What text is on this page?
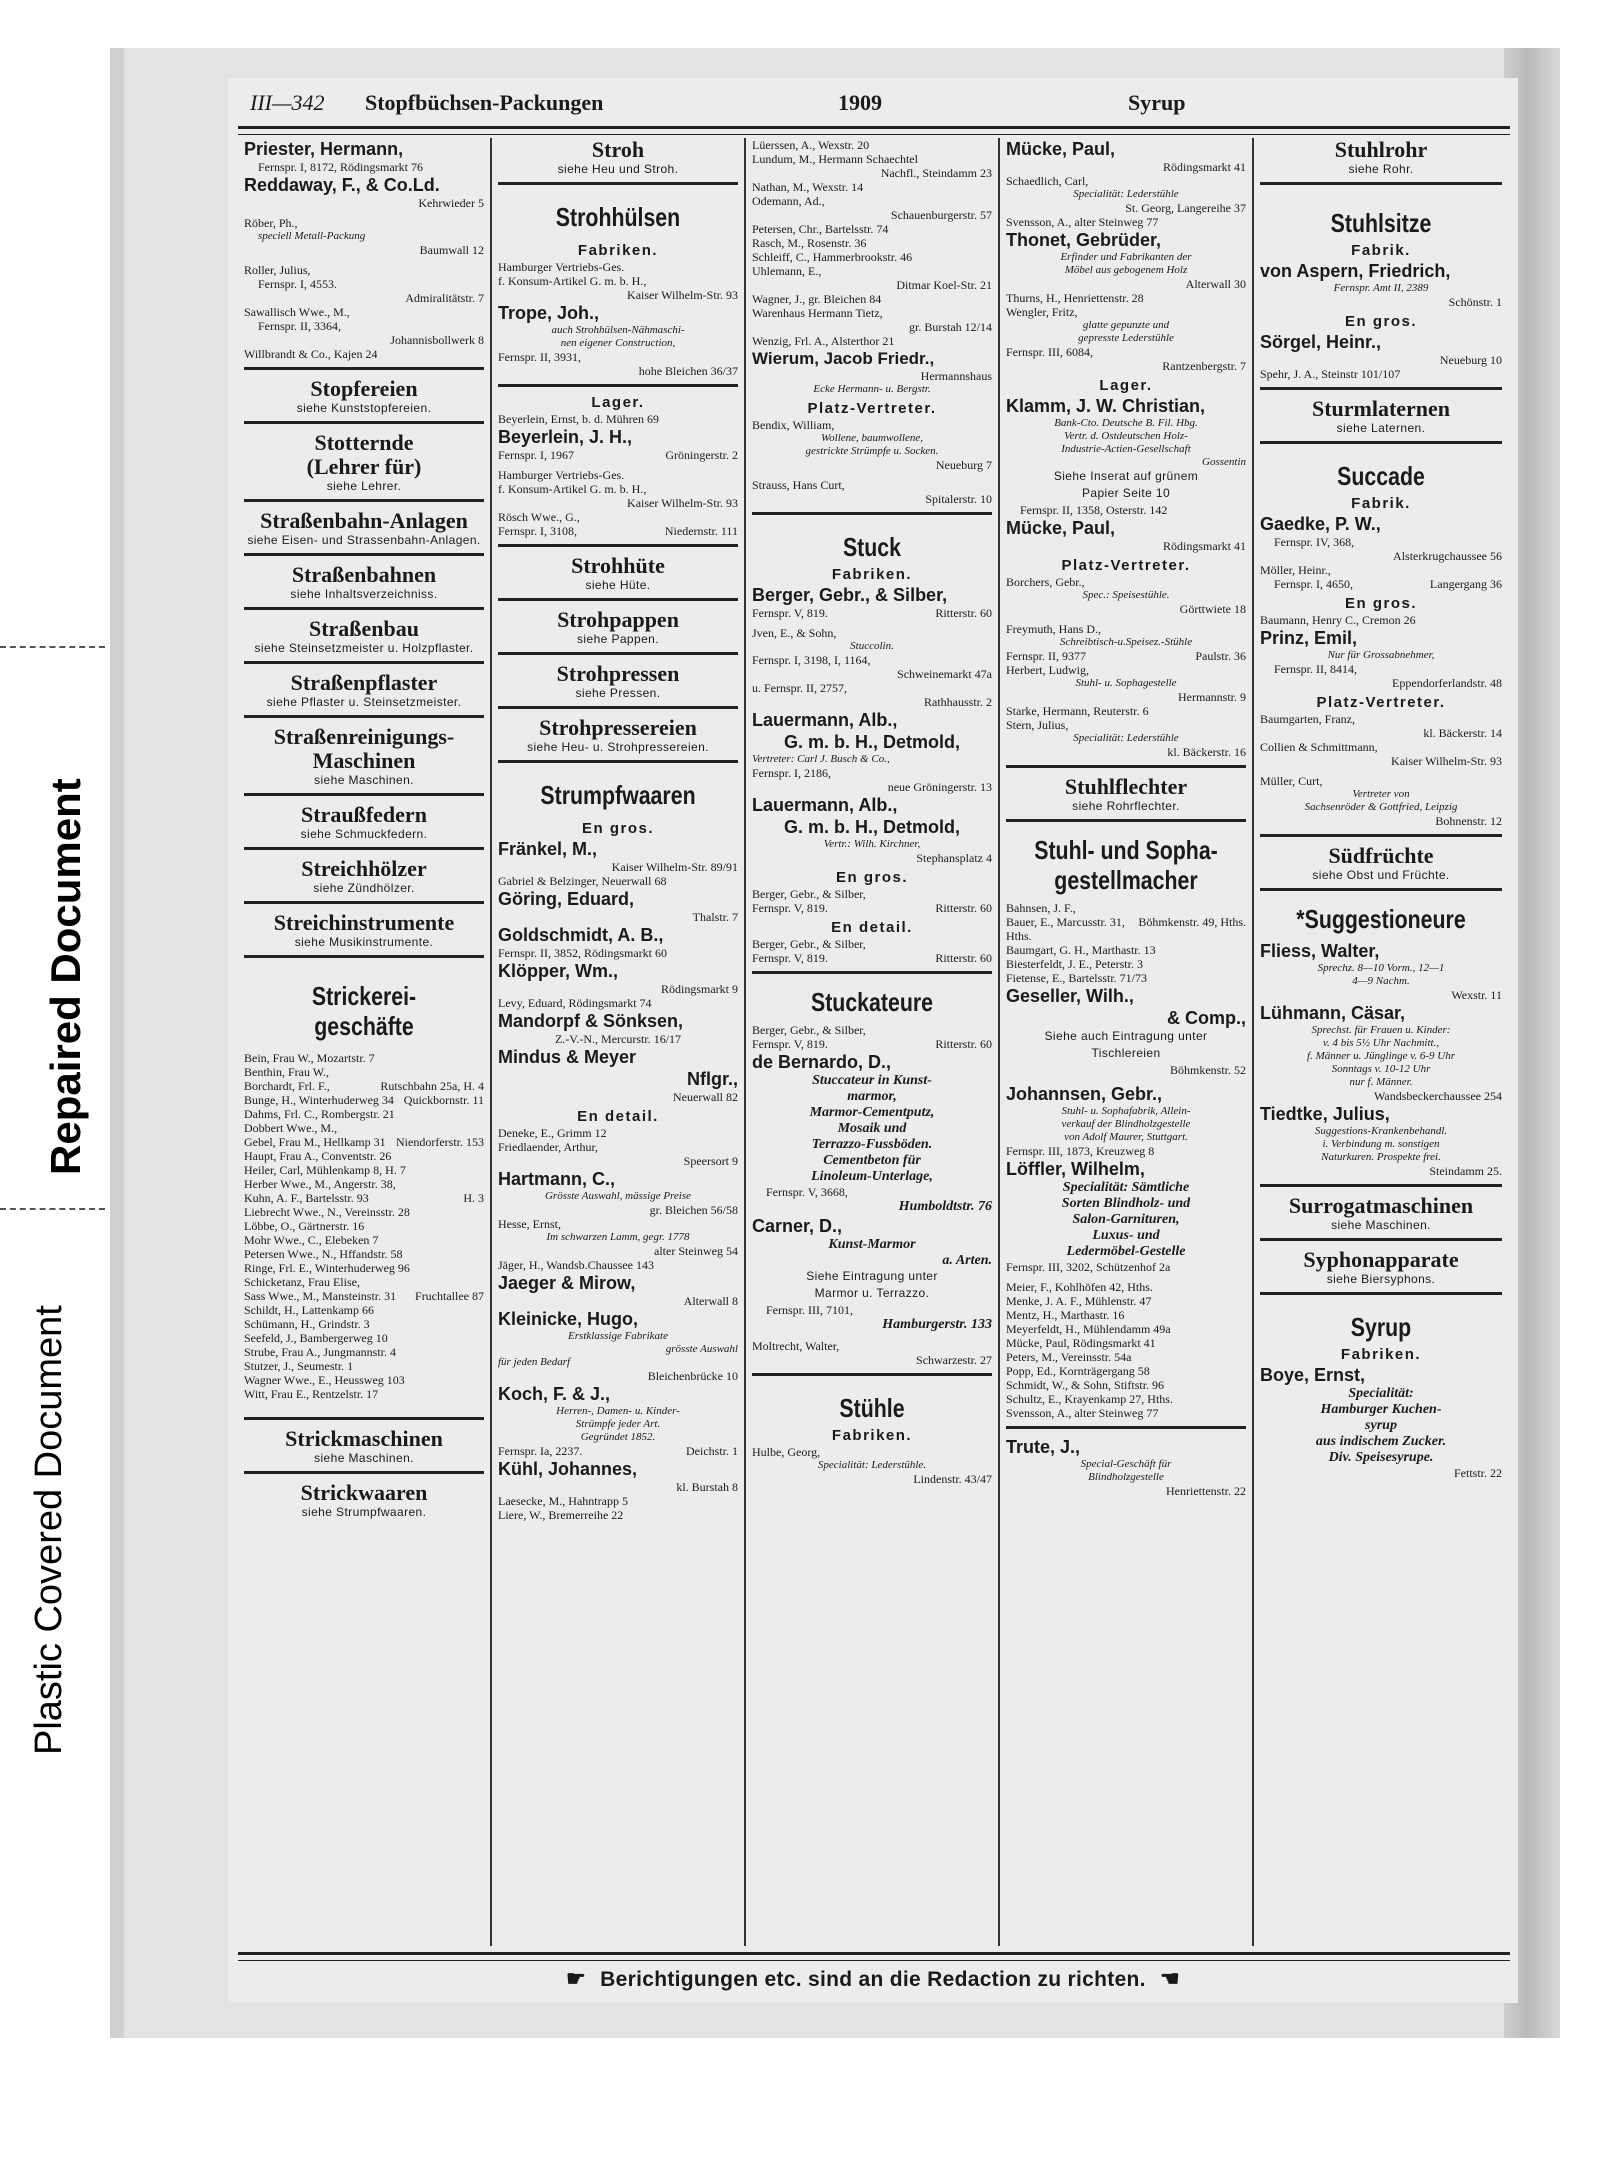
Repaired Document
Plastic Covered Document
III—342 Stopfbüchsen-Packungen	1909	Syrup
Priester, Hermann,
Fernspr. I, 8172, Rödingsmarkt 76
Reddaway, F., & Co.Ld.
Kehrwieder 5
Röber, Ph.,
speciell Metall-Packung
Baumwall 12
Roller, Julius,
Fernspr. I, 4553.
Admiralitätstr. 7
Sawallisch Wwe., M.,
Fernspr. II, 3364,
Johannisbollwerk 8
Willbrandt & Co., Kajen 24
Stopfereien
siehe Kunststopfereien.
Stotternde
(Lehrer für)
siehe Lehrer.
Straßenbahn-Anlagen
siehe Eisen- und Strassenbahn-Anlagen.
Straßenbahnen
siehe Inhaltsverzeichniss.
Straßenbau
siehe Steinsetzmeister u. Holzpflaster.
Straßenpflaster
siehe Pflaster u. Steinsetzmeister.
Straßenreinigungs-
Maschinen
siehe Maschinen.
Straußfedern
siehe Schmuckfedern.
Streichhölzer
siehe Zündhölzer.
Streichinstrumente
siehe Musikinstrumente.
Strickerei-
geschäfte
Bein, Frau W., Mozartstr. 7
Benthin, Frau W.,
Rutschbahn 25a, H. 4
Borchardt, Frl. F.,
Quickbornstr. 11
Bunge, H., Winterhuderweg 34
Dahms, Frl. C., Rombergstr. 21
Dobbert Wwe., M.,
Niendorferstr. 153
Gebel, Frau M., Hellkamp 31
Haupt, Frau A., Conventstr. 26
Heiler, Carl, Mühlenkamp 8, H. 7
Herber Wwe., M., Angerstr. 38,
H. 3
Kuhn, A. F., Bartelsstr. 93
Liebrecht Wwe., N., Vereinsstr. 28
Löbbe, O., Gärtnerstr. 16
Mohr Wwe., C., Elebeken 7
Petersen Wwe., N., Hffandstr. 58
Ringe, Frl. E., Winterhuderweg 96
Schicketanz, Frau Elise,
Fruchtallee 87
Sass Wwe., M., Mansteinstr. 31
Schildt, H., Lattenkamp 66
Schümann, H., Grindstr. 3
Seefeld, J., Bambergerweg 10
Strube, Frau A., Jungmannstr. 4
Stutzer, J., Seumestr. 1
Wagner Wwe., E., Heussweg 103
Witt, Frau E., Rentzelstr. 17
Strickmaschinen
siehe Maschinen.
Strickwaaren
siehe Strumpfwaaren.
Stroh
siehe Heu und Stroh.
Strohhülsen
Fabriken.
Hamburger Vertriebs-Ges.
f. Konsum-Artikel G. m. b. H.,
Kaiser Wilhelm-Str. 93
Trope, Joh.,
auch Strohhülsen-Nähmaschi-
nen eigener Construction,
Fernspr. II, 3931,
hohe Bleichen 36/37
Lager.
Beyerlein, Ernst, b. d. Mühren 69
Beyerlein, J. H.,
Fernspr. I, 1967	Gröningerstr. 2
Hamburger Vertriebs-Ges.
f. Konsum-Artikel G. m. b. H.,
Kaiser Wilhelm-Str. 93
Rösch Wwe., G.,
Fernspr. I, 3108,	Niedernstr. 111
Strohhüte
siehe Hüte.
Strohpappen
siehe Pappen.
Strohpressen
siehe Pressen.
Strohpressereien
siehe Heu- u. Strohpressereien.
Strumpfwaaren
En gros.
Fränkel, M.,
Kaiser Wilhelm-Str. 89/91
Gabriel & Belzinger, Neuerwall 68
Göring, Eduard,
Thalstr. 7
Goldschmidt, A. B.,
Fernspr. II, 3852, Rödingsmarkt 60
Klöpper, Wm.,
Rödingsmarkt 9
Levy, Eduard, Rödingsmarkt 74
Mandorpf & Sönksen,
Z.-V.-N., Mercurstr. 16/17
Mindus & Meyer
Nflgr.,
Neuerwall 82
En detail.
Deneke, E., Grimm 12
Friedlaender, Arthur,
Speersort 9
Hartmann, C.,
Grösste Auswahl, mässige Preise
gr. Bleichen 56/58
Hesse, Ernst,
Im schwarzen Lamm, gegr. 1778
alter Steinweg 54
Jäger, H., Wandsb.Chaussee 143
Jaeger & Mirow,
Alterwall 8
Kleinicke, Hugo,
Erstklassige Fabrikate
grösste Auswahl
für jeden Bedarf
Bleichenbrücke 10
Koch, F. & J.,
Herren-, Damen- u. Kinder-
Strümpfe jeder Art.
Gegründet 1852.
Fernspr. Ia, 2237.	Deichstr. 1
Kühl, Johannes,
kl. Burstah 8
Laesecke, M., Hahntrapp 5
Liere, W., Bremerreihe 22
Lüerssen, A., Wexstr. 20
Lundum, M., Hermann Schaechtel
Nachfl., Steindamm 23
Nathan, M., Wexstr. 14
Odemann, Ad.,
Schauenburgerstr. 57
Petersen, Chr., Bartelsstr. 74
Rasch, M., Rosenstr. 36
Schleiff, C., Hammerbrookstr. 46
Uhlemann, E.,
Ditmar Koel-Str. 21
Wagner, J., gr. Bleichen 84
Warenhaus Hermann Tietz,
gr. Burstah 12/14
Wenzig, Frl. A., Alsterthor 21
Wierum, Jacob Friedr.,
Hermannshaus
Ecke Hermann- u. Bergstr.
Platz-Vertreter.
Bendix, William,
Wollene, baumwollene,
gestrickte Strümpfe u. Socken.
Neueburg 7
Strauss, Hans Curt,
Spitalerstr. 10
Stuck
Fabriken.
Berger, Gebr., & Silber,
Fernspr. V, 819.	Ritterstr. 60
Jven, E., & Sohn,
Stuccolin.
Fernspr. I, 3198, I, 1164,
Schweinemarkt 47a
u. Fernspr. II, 2757,
Rathhausstr. 2
Lauermann, Alb.,
G. m. b. H., Detmold,
Vertreter: Carl J. Busch & Co.,
Fernspr. I, 2186,
neue Gröningerstr. 13
Lauermann, Alb.,
G. m. b. H., Detmold,
Vertr.: Wilh. Kirchner,
Stephansplatz 4
En gros.
Berger, Gebr., & Silber,
Fernspr. V, 819.	Ritterstr. 60
En detail.
Berger, Gebr., & Silber,
Fernspr. V, 819.	Ritterstr. 60
Stuckateure
Berger, Gebr., & Silber,
Fernspr. V, 819.	Ritterstr. 60
de Bernardo, D.,
Stuccateur in Kunst-
marmor,
Marmor-Cementputz,
Mosaik und
Terrazzo-Fussböden.
Cementbeton für
Linoleum-Unterlage,
Fernspr. V, 3668,
Humboldtstr. 76
Carner, D.,
Kunst-Marmor
a. Arten.
Siehe Eintragung unter
Marmor u. Terrazzo.
Fernspr. III, 7101,
Hamburgerstr. 133
Moltrecht, Walter,
Schwarzestr. 27
Stühle
Fabriken.
Hulbe, Georg,
Specialität: Lederstühle.
Lindenstr. 43/47
Mücke, Paul,
Rödingsmarkt 41
Schaedlich, Carl,
Specialität: Lederstühle
St. Georg, Langereihe 37
Svensson, A., alter Steinweg 77
Thonet, Gebrüder,
Erfinder und Fabrikanten der
Möbel aus gebogenem Holz
Alterwall 30
Thurns, H., Henriettenstr. 28
Wengler, Fritz,
glatte gepunzte und
gepresste Lederstühle
Fernspr. III, 6084,
Rantzenbergstr. 7
Lager.
Klamm, J. W. Christian,
Bank-Cto. Deutsche B. Fil. Hbg.
Vertr. d. Ostdeutschen Holz-
Industrie-Actien-Gesellschaft
Gossentin
Siehe Inserat auf grünem
Papier Seite 10
Fernspr. II, 1358, Osterstr. 142
Mücke, Paul,
Rödingsmarkt 41
Platz-Vertreter.
Borchers, Gebr.,
Spec.: Speisestühle.
Görttwiete 18
Freymuth, Hans D.,
Schreibtisch-u.Speisez.-Stühle
Fernspr. II, 9377	Paulstr. 36
Herbert, Ludwig,
Stuhl- u. Sophagestelle
Hermannstr. 9
Starke, Hermann, Reuterstr. 6
Stern, Julius,
Specialität: Lederstühle
kl. Bäckerstr. 16
Stuhlflechter
siehe Rohrflechter.
Stuhl- und Sopha-
gestellmacher
Bahnsen, J. F.,
Böhmkenstr. 49, Hths.
Bauer, E., Marcusstr. 31, Hths.
Baumgart, G. H., Marthastr. 13
Biesterfeldt, J. E., Peterstr. 3
Fietense, E., Bartelsstr. 71/73
Geseller, Wilh.,
& Comp.,
Siehe auch Eintragung unter
Tischlereien
Böhmkenstr. 52
Johannsen, Gebr.,
Stuhl- u. Sophafabrik, Allein-
verkauf der Blindholzgestelle
von Adolf Maurer, Stuttgart.
Fernspr. III, 1873, Kreuzweg 8
Löffler, Wilhelm,
Specialität: Sämtliche
Sorten Blindholz- und
Salon-Garnituren,
Luxus- und
Ledermöbel-Gestelle
Fernspr. III, 3202, Schützenhof 2a
Meier, F., Kohlhöfen 42, Hths.
Menke, J. A. F., Mühlenstr. 47
Mentz, H., Marthastr. 16
Meyerfeldt, H., Mühlendamm 49a
Mücke, Paul, Rödingsmarkt 41
Peters, M., Vereinsstr. 54a
Popp, Ed., Kornträgergang 58
Schmidt, W., & Sohn, Stiftstr. 96
Schultz, E., Krayenkamp 27, Hths.
Svensson, A., alter Steinweg 77
Trute, J.,
Special-Geschäft für
Blindholzgestelle
Henriettenstr. 22
Stuhlrohr
siehe Rohr.
Stuhlsitze
Fabrik.
von Aspern, Friedrich,
Fernspr. Amt II, 2389
Schönstr. 1
En gros.
Sörgel, Heinr.,
Neueburg 10
Spehr, J. A., Steinstr 101/107
Sturmlaternen
siehe Laternen.
Succade
Fabrik.
Gaedke, P. W.,
Fernspr. IV, 368,
Alsterkrugchaussee 56
Möller, Heinr.,
Fernspr. I, 4650,	Langergang 36
En gros.
Baumann, Henry C., Cremon 26
Prinz, Emil,
Nur für Grossabnehmer,
Fernspr. II, 8414,
Eppendorferlandstr. 48
Platz-Vertreter.
Baumgarten, Franz,
kl. Bäckerstr. 14
Collien & Schmittmann,
Kaiser Wilhelm-Str. 93
Müller, Curt,
Vertreter von
Sachsenröder & Gottfried, Leipzig
Bohnenstr. 12
Südfrüchte
siehe Obst und Früchte.
*Suggestioneure
Fliess, Walter,
Sprechz. 8—10 Vorm., 12—1
4—9 Nachm.
Wexstr. 11
Lühmann, Cäsar,
Sprechst. für Frauen u. Kinder:
v. 4 bis 5½ Uhr Nachmitt.,
f. Männer u. Jünglinge v. 6-9 Uhr
Sonntags v. 10-12 Uhr
nur f. Männer.
Wandsbeckerchaussee 254
Tiedtke, Julius,
Suggestions-Krankenbehandl.
i. Verbindung m. sonstigen
Naturkuren. Prospekte frei.
Steindamm 25.
Surrogatmaschinen
siehe Maschinen.
Syphonapparate
siehe Biersyphons.
Syrup
Fabriken.
Boye, Ernst,
Specialität:
Hamburger Kuchen-
syrup
aus indischem Zucker.
Div. Speisesyrupe.
Fettstr. 22
☛ Berichtigungen etc. sind an die Redaction zu richten. ☚
